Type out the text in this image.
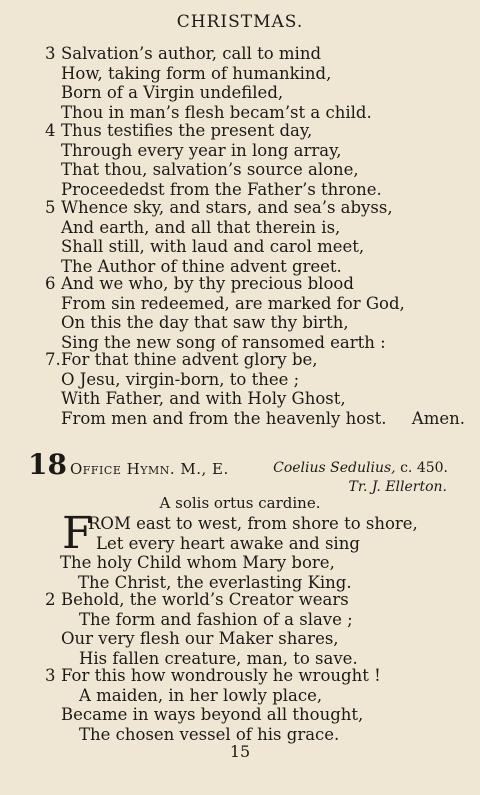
CHRISTMAS.
3 Salvation’s author, call to mind
How, taking form of humankind,
Born of a Virgin undefiled,
Thou in man’s flesh becam’st a child.
4 Thus testifies the present day,
Through every year in long array,
That thou, salvation’s source alone,
Proceededst from the Father’s throne.
5 Whence sky, and stars, and sea’s abyss,
And earth, and all that therein is,
Shall still, with laud and carol meet,
The Author of thine advent greet.
6 And we who, by thy precious blood
From sin redeemed, are marked for God,
On this the day that saw thy birth,
Sing the new song of ransomed earth :
7.For that thine advent glory be,
O Jesu, virgin-born, to thee ;
With Father, and with Holy Ghost,
From men and from the heavenly host. Amen.
18 Office Hymn. M., E.	Coelius Sedulius, c. 450.
Tr. J. Ellerton.
A solis ortus cardine.
F
ROM east to west, from shore to shore,
Let every heart awake and sing
The holy Child whom Mary bore,
The Christ, the everlasting King.
2 Behold, the world’s Creator wears
The form and fashion of a slave ;
Our very flesh our Maker shares,
His fallen creature, man, to save.
3 For this how wondrously he wrought !
A maiden, in her lowly place,
Became in ways beyond all thought,
The chosen vessel of his grace.
15
